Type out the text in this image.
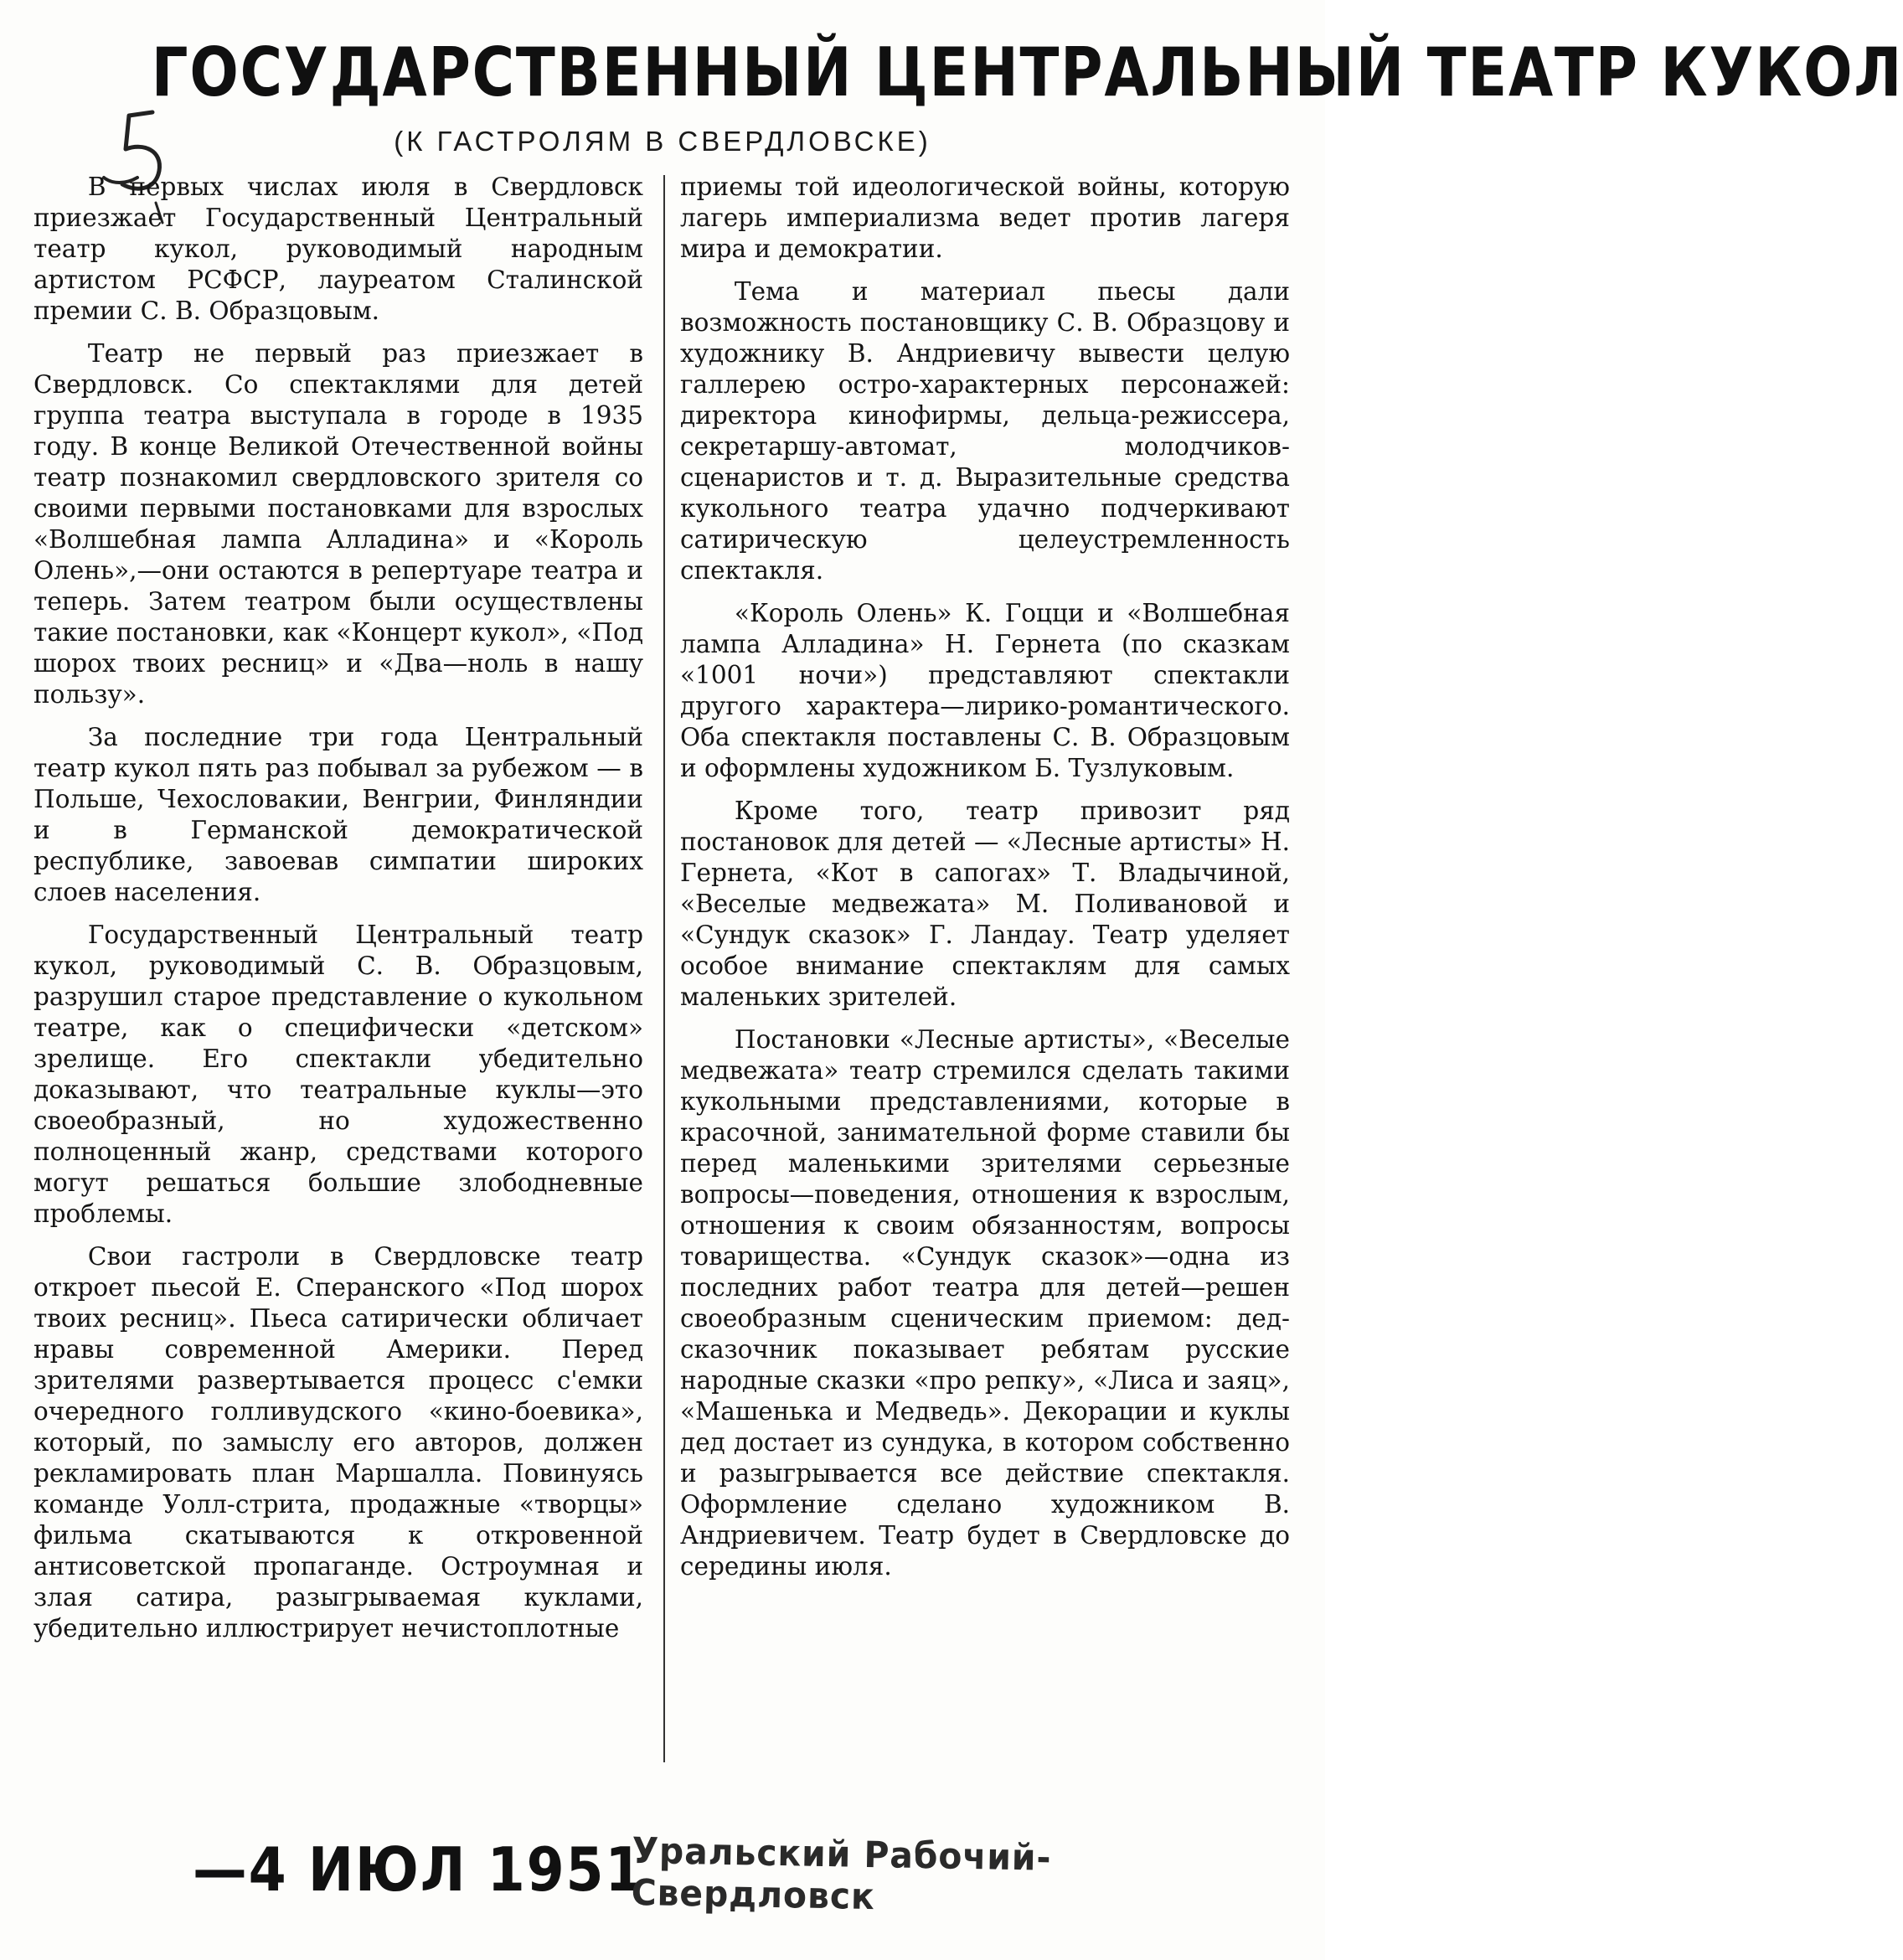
ГОСУДАРСТВЕННЫЙ ЦЕНТРАЛЬНЫЙ ТЕАТР КУКОЛ
(К ГАСТРОЛЯМ В СВЕРДЛОВСКЕ)

В первых числах июля в Свердловск приезжает Государственный Центральный театр кукол, руководимый народным артистом РСФСР, лауреатом Сталинской премии С. В. Образцовым.

Театр не первый раз приезжает в Свердловск. Со спектаклями для детей группа театра выступала в городе в 1935 году. В конце Великой Отечественной войны театр познакомил свердловского зрителя со своими первыми постановками для взрослых «Волшебная лампа Алладина» и «Король Олень»,—они остаются в репертуаре театра и теперь. Затем театром были осуществлены такие постановки, как «Концерт кукол», «Под шорох твоих ресниц» и «Два—ноль в нашу пользу».

За последние три года Центральный театр кукол пять раз побывал за рубежом — в Польше, Чехословакии, Венгрии, Финляндии и в Германской демократической республике, завоевав симпатии широких слоев населения.

Государственный Центральный театр кукол, руководимый С. В. Образцовым, разрушил старое представление о кукольном театре, как о специфически «детском» зрелище. Его спектакли убедительно доказывают, что театральные куклы—это своеобразный, но художественно полноценный жанр, средствами которого могут решаться большие злободневные проблемы.

Свои гастроли в Свердловске театр откроет пьесой Е. Сперанского «Под шорох твоих ресниц». Пьеса сатирически обличает нравы современной Америки. Перед зрителями развертывается процесс с'емки очередного голливудского «кино-боевика», который, по замыслу его авторов, должен рекламировать план Маршалла. Повинуясь команде Уолл-стрита, продажные «творцы» фильма скатываются к откровенной антисоветской пропаганде. Остроумная и злая сатира, разыгрываемая куклами, убедительно иллюстрирует нечистоплотные

приемы той идеологической войны, которую лагерь империализма ведет против лагеря мира и демократии.

Тема и материал пьесы дали возможность постановщику С. В. Образцову и художнику В. Андриевичу вывести целую галлерею остро-характерных персонажей: директора кинофирмы, дельца-режиссера, секретаршу-автомат, молодчиков-сценаристов и т. д. Выразительные средства кукольного театра удачно подчеркивают сатирическую целеустремленность спектакля.

«Король Олень» К. Гоцци и «Волшебная лампа Алладина» Н. Гернета (по сказкам «1001 ночи») представляют спектакли другого характера—лирико-романтического. Оба спектакля поставлены С. В. Образцовым и оформлены художником Б. Тузлуковым.

Кроме того, театр привозит ряд постановок для детей — «Лесные артисты» Н. Гернета, «Кот в сапогах» Т. Владычиной, «Веселые медвежата» М. Поливановой и «Сундук сказок» Г. Ландау. Театр уделяет особое внимание спектаклям для самых маленьких зрителей.

Постановки «Лесные артисты», «Веселые медвежата» театр стремился сделать такими кукольными представлениями, которые в красочной, занимательной форме ставили бы перед маленькими зрителями серьезные вопросы—поведения, отношения к взрослым, отношения к своим обязанностям, вопросы товарищества. «Сундук сказок»—одна из последних работ театра для детей—решен своеобразным сценическим приемом: дед-сказочник показывает ребятам русские народные сказки «про репку», «Лиса и заяц», «Машенька и Медведь». Декорации и куклы дед достает из сундука, в котором собственно и разыгрывается все действие спектакля. Оформление сделано художником В. Андриевичем. Театр будет в Свердловске до середины июля.

—4 ИЮЛ 1951
Уральский Рабочий-Свердловск
